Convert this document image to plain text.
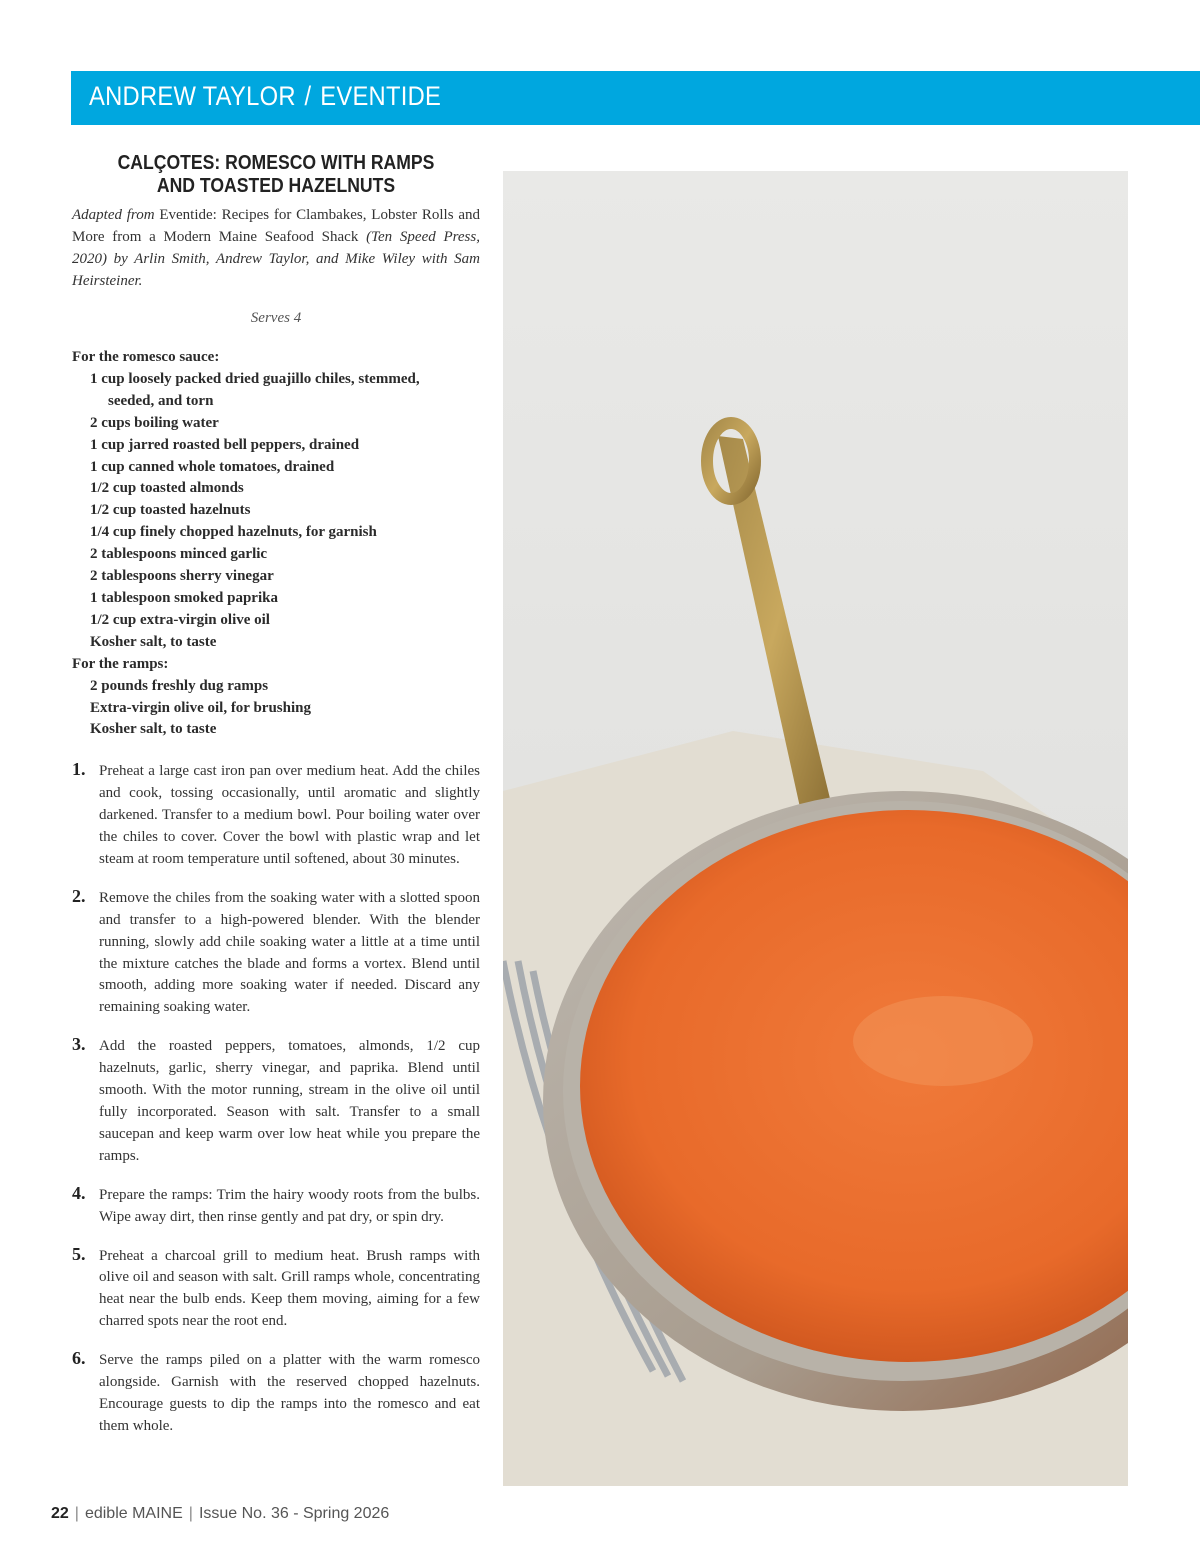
ANDREW TAYLOR / EVENTIDE
CALÇOTES: ROMESCO WITH RAMPS
AND TOASTED HAZELNUTS
Adapted from Eventide: Recipes for Clambakes, Lobster Rolls and More from a Modern Maine Seafood Shack (Ten Speed Press, 2020) by Arlin Smith, Andrew Taylor, and Mike Wiley with Sam Heirsteiner.
Serves 4
For the romesco sauce:
1 cup loosely packed dried guajillo chiles, stemmed,
seeded, and torn
2 cups boiling water
1 cup jarred roasted bell peppers, drained
1 cup canned whole tomatoes, drained
1/2 cup toasted almonds
1/2 cup toasted hazelnuts
1/4 cup finely chopped hazelnuts, for garnish
2 tablespoons minced garlic
2 tablespoons sherry vinegar
1 tablespoon smoked paprika
1/2 cup extra-virgin olive oil
Kosher salt, to taste
For the ramps:
2 pounds freshly dug ramps
Extra-virgin olive oil, for brushing
Kosher salt, to taste
1. Preheat a large cast iron pan over medium heat. Add the chiles and cook, tossing occasionally, until aromatic and slightly darkened. Transfer to a medium bowl. Pour boiling water over the chiles to cover. Cover the bowl with plastic wrap and let steam at room temperature until softened, about 30 minutes.
2. Remove the chiles from the soaking water with a slotted spoon and transfer to a high-powered blender. With the blender running, slowly add chile soaking water a little at a time until the mixture catches the blade and forms a vortex. Blend until smooth, adding more soaking water if needed. Discard any remaining soaking water.
3. Add the roasted peppers, tomatoes, almonds, 1/2 cup hazelnuts, garlic, sherry vinegar, and paprika. Blend until smooth. With the motor running, stream in the olive oil until fully incorporated. Season with salt. Transfer to a small saucepan and keep warm over low heat while you prepare the ramps.
4. Prepare the ramps: Trim the hairy woody roots from the bulbs. Wipe away dirt, then rinse gently and pat dry, or spin dry.
5. Preheat a charcoal grill to medium heat. Brush ramps with olive oil and season with salt. Grill ramps whole, concentrating heat near the bulb ends. Keep them moving, aiming for a few charred spots near the root end.
6. Serve the ramps piled on a platter with the warm romesco alongside. Garnish with the reserved chopped hazelnuts. Encourage guests to dip the ramps into the romesco and eat them whole.
22 | edible MAINE | Issue No. 36 - Spring 2026
